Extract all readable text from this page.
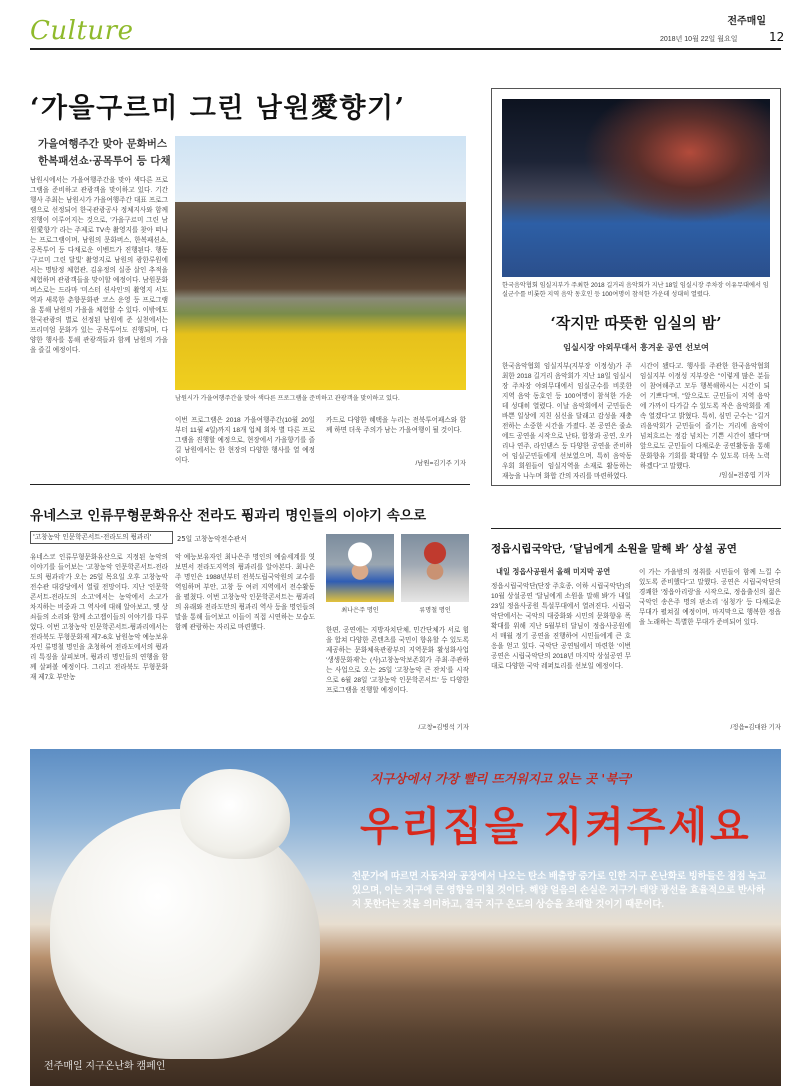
Culture	전주매일
2018년 10월 22일 월요일	12
‘가을구르미 그린 남원愛향기’
가을여행주간 맞아 문화버스
한복패션쇼·공목투어 등 다채
남원시에서는 가을여행주간을 맞아 색다른 프로그램을 준비하고 관광객을 맞이하고 있다. 기간 행사 주최는 남원시가 가을여행주간 대표 프로그램으로 선정되어 한국관광공사 정체지사와 함께 진행이 이루어지는 것으로, '가을구르미 그린 남원愛향기' 라는 주제로 TV속 촬영지를 찾아 떠나는 프로그램이며, 남원의 문화버스, 한복패션쇼, 공목투어 등 다채로운 이벤트가 진행된다. 행동 '구르미 그린 달빛' 촬영지로 남원의 광한루원에서는 명탐정 체험관, 김유정의 실종 살인 추적을 체험하며 관광객들을 맞이할 예정이다. 남원문화버스로는 드라마 '미스터 션샤인'의 촬영지 서도역과 새록한 춘향문화관 코스 운영 등 프로그램을 통해 남원의 가을을 체험할 수 있다. 이밖에도 한국관광의 별로 선정된 남원에 준 실천에서는 프리미엄 문화가 있는 공목투어도 진행되며, 다양한 행사를 통해 관광객들과 함께 남원의 가을을 즐길 예정이다.
남원시가 가을여행주간을 맞아 색다른 프로그램을 준비하고 관광객을 맞이하고 있다.
이번 프로그램은 2018 가을여행주간(10월 20일부터 11월 4일)까지 18개 업체 회차 별 다른 프로그램을 진행할 예정으로, 현장에서 가을향기를 즐길 남원에서는 한 현장의 다양한 행사를 열 예정이다.
카드로 다양한 혜택을 누리는 전북투어패스와 함께 하면 더욱 주의가 남는 가을여행이 될 것이다.
/남원=김기주 기자
한국음악협회 임실지부가 주최한 2018 길거리 음악회가 지난 18일 임실시장 주차장 이유무대에서 임실군수를 비롯한 지역 음악 동호인 등 100여명이 참석한 가운데 성대히 열렸다.
‘작지만 따뜻한 임실의 밤’
임실시장 야외무대서 흥겨운 공연 선보여
한국음악협회 임실지부(지부장 이정성)가 주최한 2018 길거리 음악회가 지난 18일 임실시장 주차장 야외무대에서 임실군수를 비롯한 지역 음악 동호인 등 100여명이 참석한 가운데 성대히 열렸다. 이날 음악회에서 군민들은 바쁜 일상에 지친 심신을 달래고 감성을 재충전하는 소중한 시간을 가졌다. 본 공연은 줄쇼에드 공연을 시작으로 난타, 합창과 공연, 오카리나 연주, 라인댄스 등 다양한 공연을 준비하여 임실군민들에게 선보였으며, 특히 음악동우회 회원들이 임실지역을 소재로 활동하는 재능을 나누며 화합 간의 자리를 마련하였다.
시간이 됐다고. 행사를 주관한 한국음악협회 임실지부 이정성 지부장은 "이렇게 많은 분들이 참여해주고 모두 행복해하시는 시간이 되어 기쁘다"며, "앞으로도 군민들이 지역 음악에 가까이 다가갈 수 있도록 작은 음악회를 계속 열겠다"고 밝혔다. 특히, 심민 군수는 "길거리음악회가 군민들이 즐기는 거리에 음악이 넘쳐흐르는 정감 넘치는 기쁜 시간이 됐다"며 앞으로도 군민들이 다채로운 공연활동을 통해 문화향유 기회를 확대할 수 있도록 더욱 노력하겠다"고 말했다.
/임실=전종엽 기자
유네스코 인류무형문화유산 전라도 퓡과리 명인들의 이야기 속으로
'고창농악 인문학콘서트-전라도의 퓡과리'	25일 고창농악전수관서
유네스코 인류무형문화유산으로 지정된 농악의 이야기를 들어보는 '고창농악 인문학콘서트-전라도의 퓡과리'가 오는 25일 목요일 오후 고창농악전수관 대강당에서 열릴 전망이다. 지난 '인문학 콘서트-전라도의 소고'에서는 농악에서 소고가 차지하는 비중과 그 역사에 대해 알아보고, 옛 상쇠들의 소리와 함께 소고잽이들의 이야기를 다루었다. 이번 고창농악 인문학콘서트-퓡과리에서는 전라북도 무형문화재 제7-6호 남원농악 예능보유자인 류명철 명인을 초청하여 전라도에서의 퓡과리 특징을 살피보며, 퓡과리 명인들의 연행을 함께 살펴볼 예정이다. 그리고 전라북도 무형문화재 제7호 부안농
악 예능보유자인 최나은주 명인의 예술세계를 엿보면서 전라도지역의 퓡과리를 알아본다. 최나은주 명인은 1988년부터 전북도립국악원의 교수를 역임하며 부안, 고창 등 여러 지역에서 전수활동을 펼쳤다. 이번 고창농악 인문학콘서트는 퓡과리의 유래와 전라도만의 퓡과리 역사 등을 명인들의 말을 통해 들어보고 이들이 직접 시연하는 모습도 함께 관람하는 자리로 마련했다.
최나은주 명인	류명철 명인
한편, 공연에는 지방자치단체, 민간단체가 서로 힘을 합쳐 다양한 콘텐츠를 국민이 향유할 수 있도록 제공하는 문화체육관광부의 지역문화 활성화사업 '생생문화재'는 (사)고창농악보존회가 주최·주관하는 사업으로 오는 25일 '고창농악 큰 잔치'를 시작으로 6월 28일 '고창농악 인문학콘서트' 등 다양한 프로그램을 진행할 예정이다.
/고창=김병석 기자
정읍시립국악단, ‘달님에게 소원을 말해 봐’ 상설 공연
내일 정읍사공원서 올해 미지막 공연
정읍시립국악단(단장 주호종, 이하 시립국악단)의 10월 상설공연 '달님에게 소원을 말해 봐'가 내일 23일 정읍사공원 특설무대에서 열려진다. 시립국악단에서는 국악의 대중화와 시민의 문화향유 폭 확대를 위해 지난 5월부터 달님이 정읍사공원에서 매월 정기 공연을 진행하여 시민들에게 큰 호응을 얻고 있다. 국악단 공연팀에서 마련한 '이번 공연은 시립국악단의 2018년 마지막 상설공연 무대로 다양한 국악 레퍼토리를 선보일 예정이다.
이 가는 가을밤의 정취를 시민들이 함께 느낄 수 있도록 준비했다"고 말했다. 공연은 시립국악단의 경쾌한 '정읍아리랑'을 시작으로, 정읍출신의 젊은 국악인 송은주 명의 판소리 '심청가' 등 다채로운 무대가 펼쳐질 예정이며, 마지막으로 행복한 정읍을 노래하는 특별한 무대가 준비되어 있다.
/정읍=김대완 기자
지구상에서 가장 빨리 뜨거워지고 있는 곳 '북극'
우리집을 지켜주세요
전문가에 따르면 자동차와 공장에서 나오는 탄소 배출량 증가로 인한 지구 온난화로 빙하들은 점점 녹고 있으며, 이는 지구에 큰 영향을 미칠 것이다. 해양 얼음의 손실은 지구가 태양 광선을 효율적으로 반사하지 못한다는 것을 의미하고, 결국 지구 온도의 상승을 초래할 것이기 때문이다.
전주매일 지구온난화 캠페인
